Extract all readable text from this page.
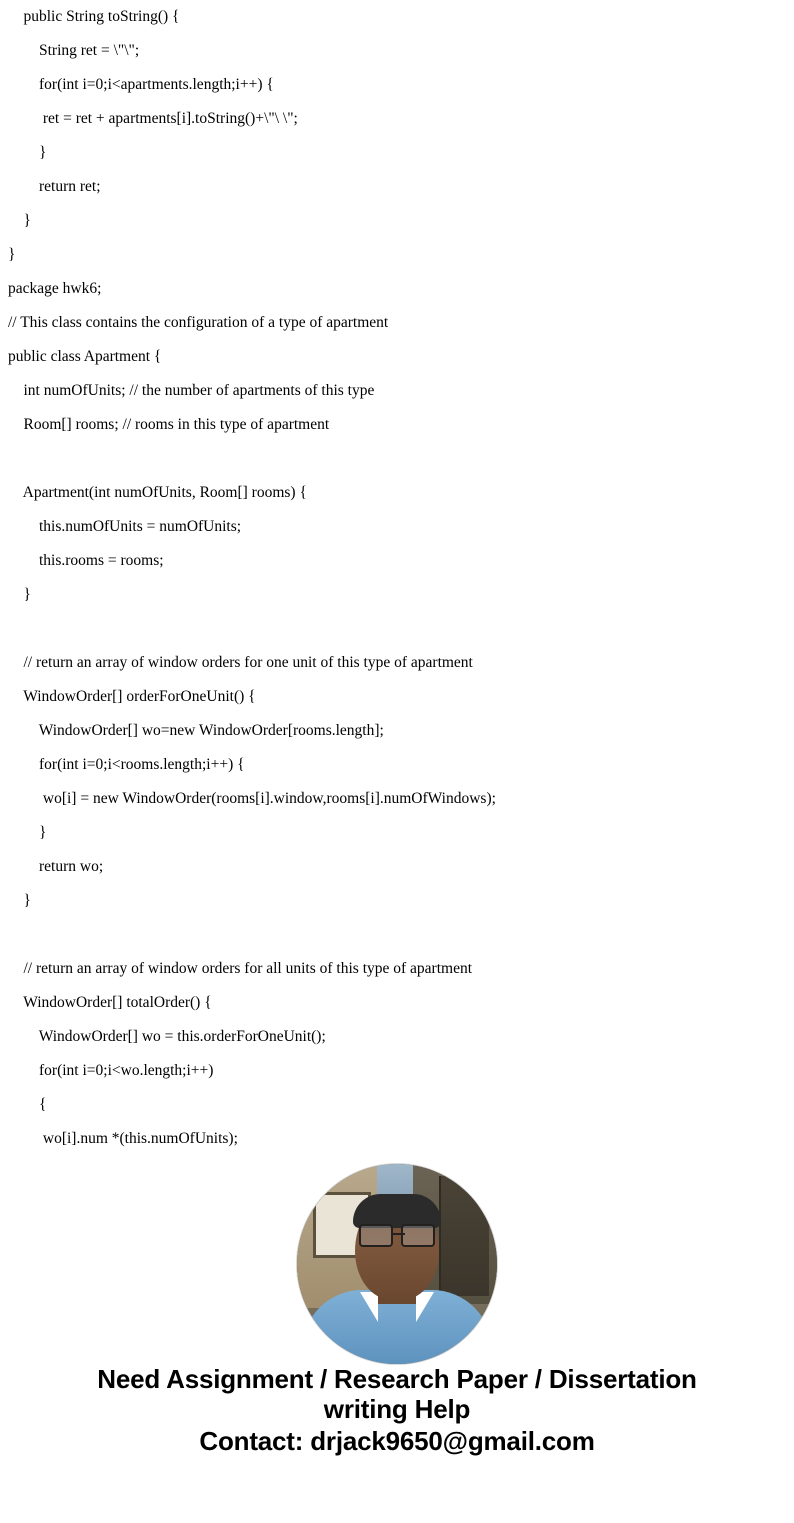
public String toString() {
String ret = \"\";
for(int i=0;i<apartments.length;i++) {
ret = ret + apartments[i].toString()+\"\ \";
}
return ret;
}
}
package hwk6;
// This class contains the configuration of a type of apartment
public class Apartment {
int numOfUnits; // the number of apartments of this type
Room[] rooms; // rooms in this type of apartment
Apartment(int numOfUnits, Room[] rooms) {
this.numOfUnits = numOfUnits;
this.rooms = rooms;
}
// return an array of window orders for one unit of this type of apartment
WindowOrder[] orderForOneUnit() {
WindowOrder[] wo=new WindowOrder[rooms.length];
for(int i=0;i<rooms.length;i++) {
wo[i] = new WindowOrder(rooms[i].window,rooms[i].numOfWindows);
}
return wo;
}
// return an array of window orders for all units of this type of apartment
WindowOrder[] totalOrder() {
WindowOrder[] wo = this.orderForOneUnit();
for(int i=0;i<wo.length;i++)
{
wo[i].num *(this.numOfUnits);
Need Assignment / Research Paper / Dissertation
writing Help
Contact: drjack9650@gmail.com
